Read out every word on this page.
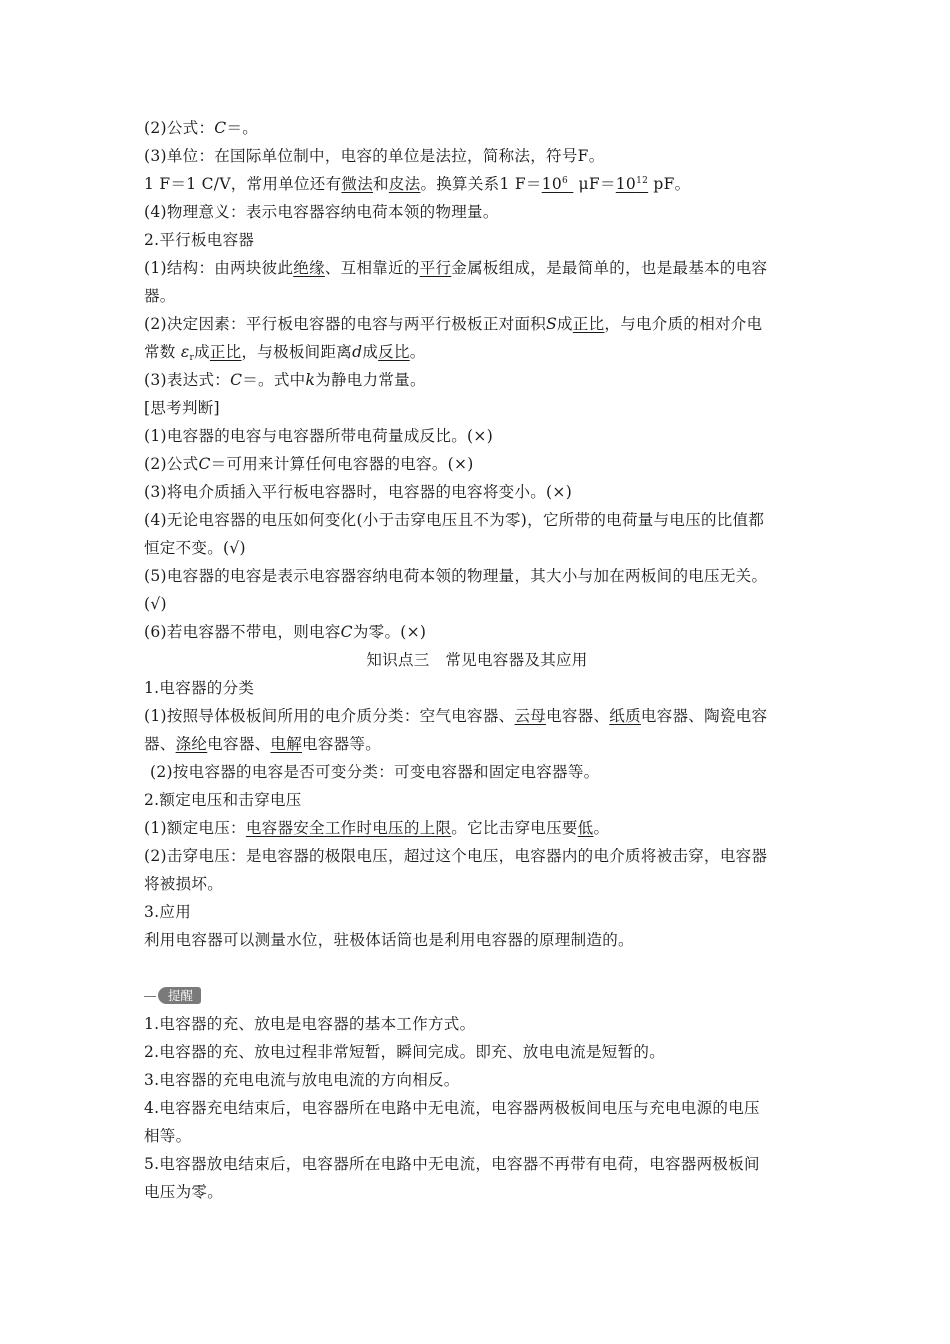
(2)公式：C＝。
(3)单位：在国际单位制中，电容的单位是法拉，简称法，符号F。
1 F＝1 C/V，常用单位还有微法和皮法。换算关系1 $F=10^6$  $\mu F=10^{12}$ pF。
(4)物理意义：表示电容器容纳电荷本领的物理量。
2.平行板电容器
(1)结构：由两块彼此绝缘、互相靠近的平行金属板组成，是最简单的，也是最基本的电容
器。
(2)决定因素：平行板电容器的电容与两平行极板正对面积S成正比，与电介质的相对介电
常数 $\varepsilon_r$成正比，与极板间距离d成反比。
(3)表达式：C＝。式中k为静电力常量。
[思考判断]
(1)电容器的电容与电容器所带电荷量成反比。(×)
(2)公式C＝可用来计算任何电容器的电容。(×)
(3)将电介质插入平行板电容器时，电容器的电容将变小。(×)
(4)无论电容器的电压如何变化(小于击穿电压且不为零)，它所带的电荷量与电压的比值都
恒定不变。(√)
(5)电容器的电容是表示电容器容纳电荷本领的物理量，其大小与加在两板间的电压无关。
(√)
(6)若电容器不带电，则电容C为零。(×)
知识点三　常见电容器及其应用
1.电容器的分类
(1)按照导体极板间所用的电介质分类：空气电容器、云母电容器、纸质电容器、陶瓷电容
器、涤纶电容器、电解电容器等。
(2)按电容器的电容是否可变分类：可变电容器和固定电容器等。
2.额定电压和击穿电压
(1)额定电压：电容器安全工作时电压的上限。它比击穿电压要低。
(2)击穿电压：是电容器的极限电压，超过这个电压，电容器内的电介质将被击穿，电容器
将被损坏。
3.应用
利用电容器可以测量水位，驻极体话筒也是利用电容器的原理制造的。
提醒
1.电容器的充、放电是电容器的基本工作方式。
2.电容器的充、放电过程非常短暂，瞬间完成。即充、放电电流是短暂的。
3.电容器的充电电流与放电电流的方向相反。
4.电容器充电结束后，电容器所在电路中无电流，电容器两极板间电压与充电电源的电压
相等。
5.电容器放电结束后，电容器所在电路中无电流，电容器不再带有电荷，电容器两极板间
电压为零。
